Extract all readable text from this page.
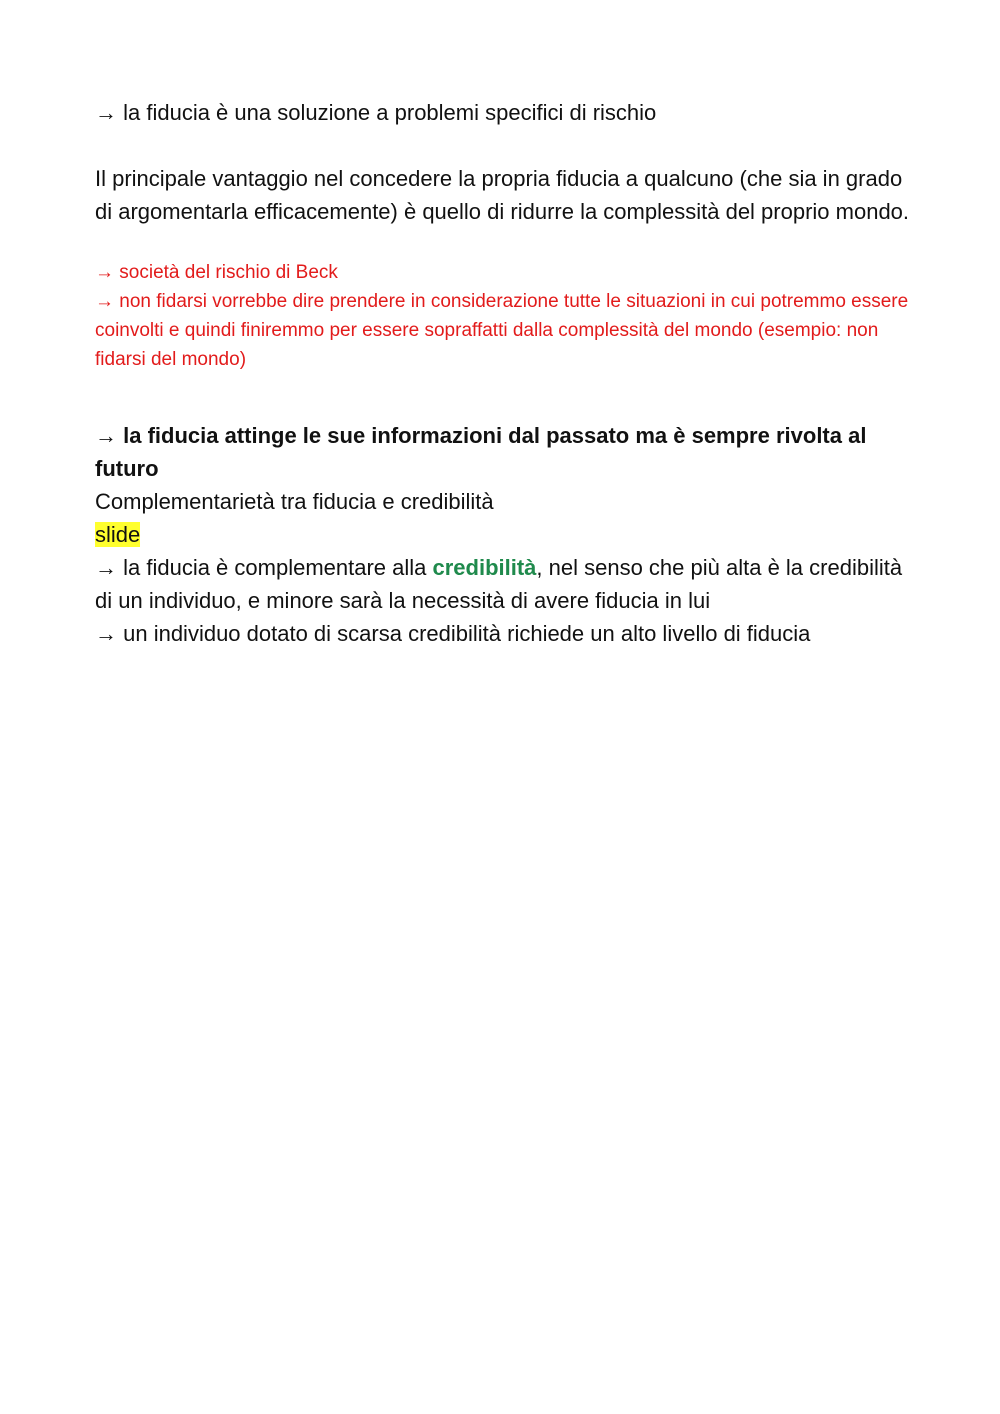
→ la fiducia è una soluzione a problemi specifici di rischio

Il principale vantaggio nel concedere la propria fiducia a qualcuno (che sia in grado di argomentarla efficacemente) è quello di ridurre la complessità del proprio mondo.

→ società del rischio di Beck
→ non fidarsi vorrebbe dire prendere in considerazione tutte le situazioni in cui potremmo essere coinvolti e quindi finiremmo per essere sopraffatti dalla complessità del mondo (esempio: non fidarsi del mondo)

→ la fiducia attinge le sue informazioni dal passato ma è sempre rivolta al futuro

Complementarietà tra fiducia e credibilità

slide

→ la fiducia è complementare alla credibilità, nel senso che più alta è la credibilità di un individuo, e minore sarà la necessità di avere fiducia in lui

→ un individuo dotato di scarsa credibilità richiede un alto livello di fiducia
